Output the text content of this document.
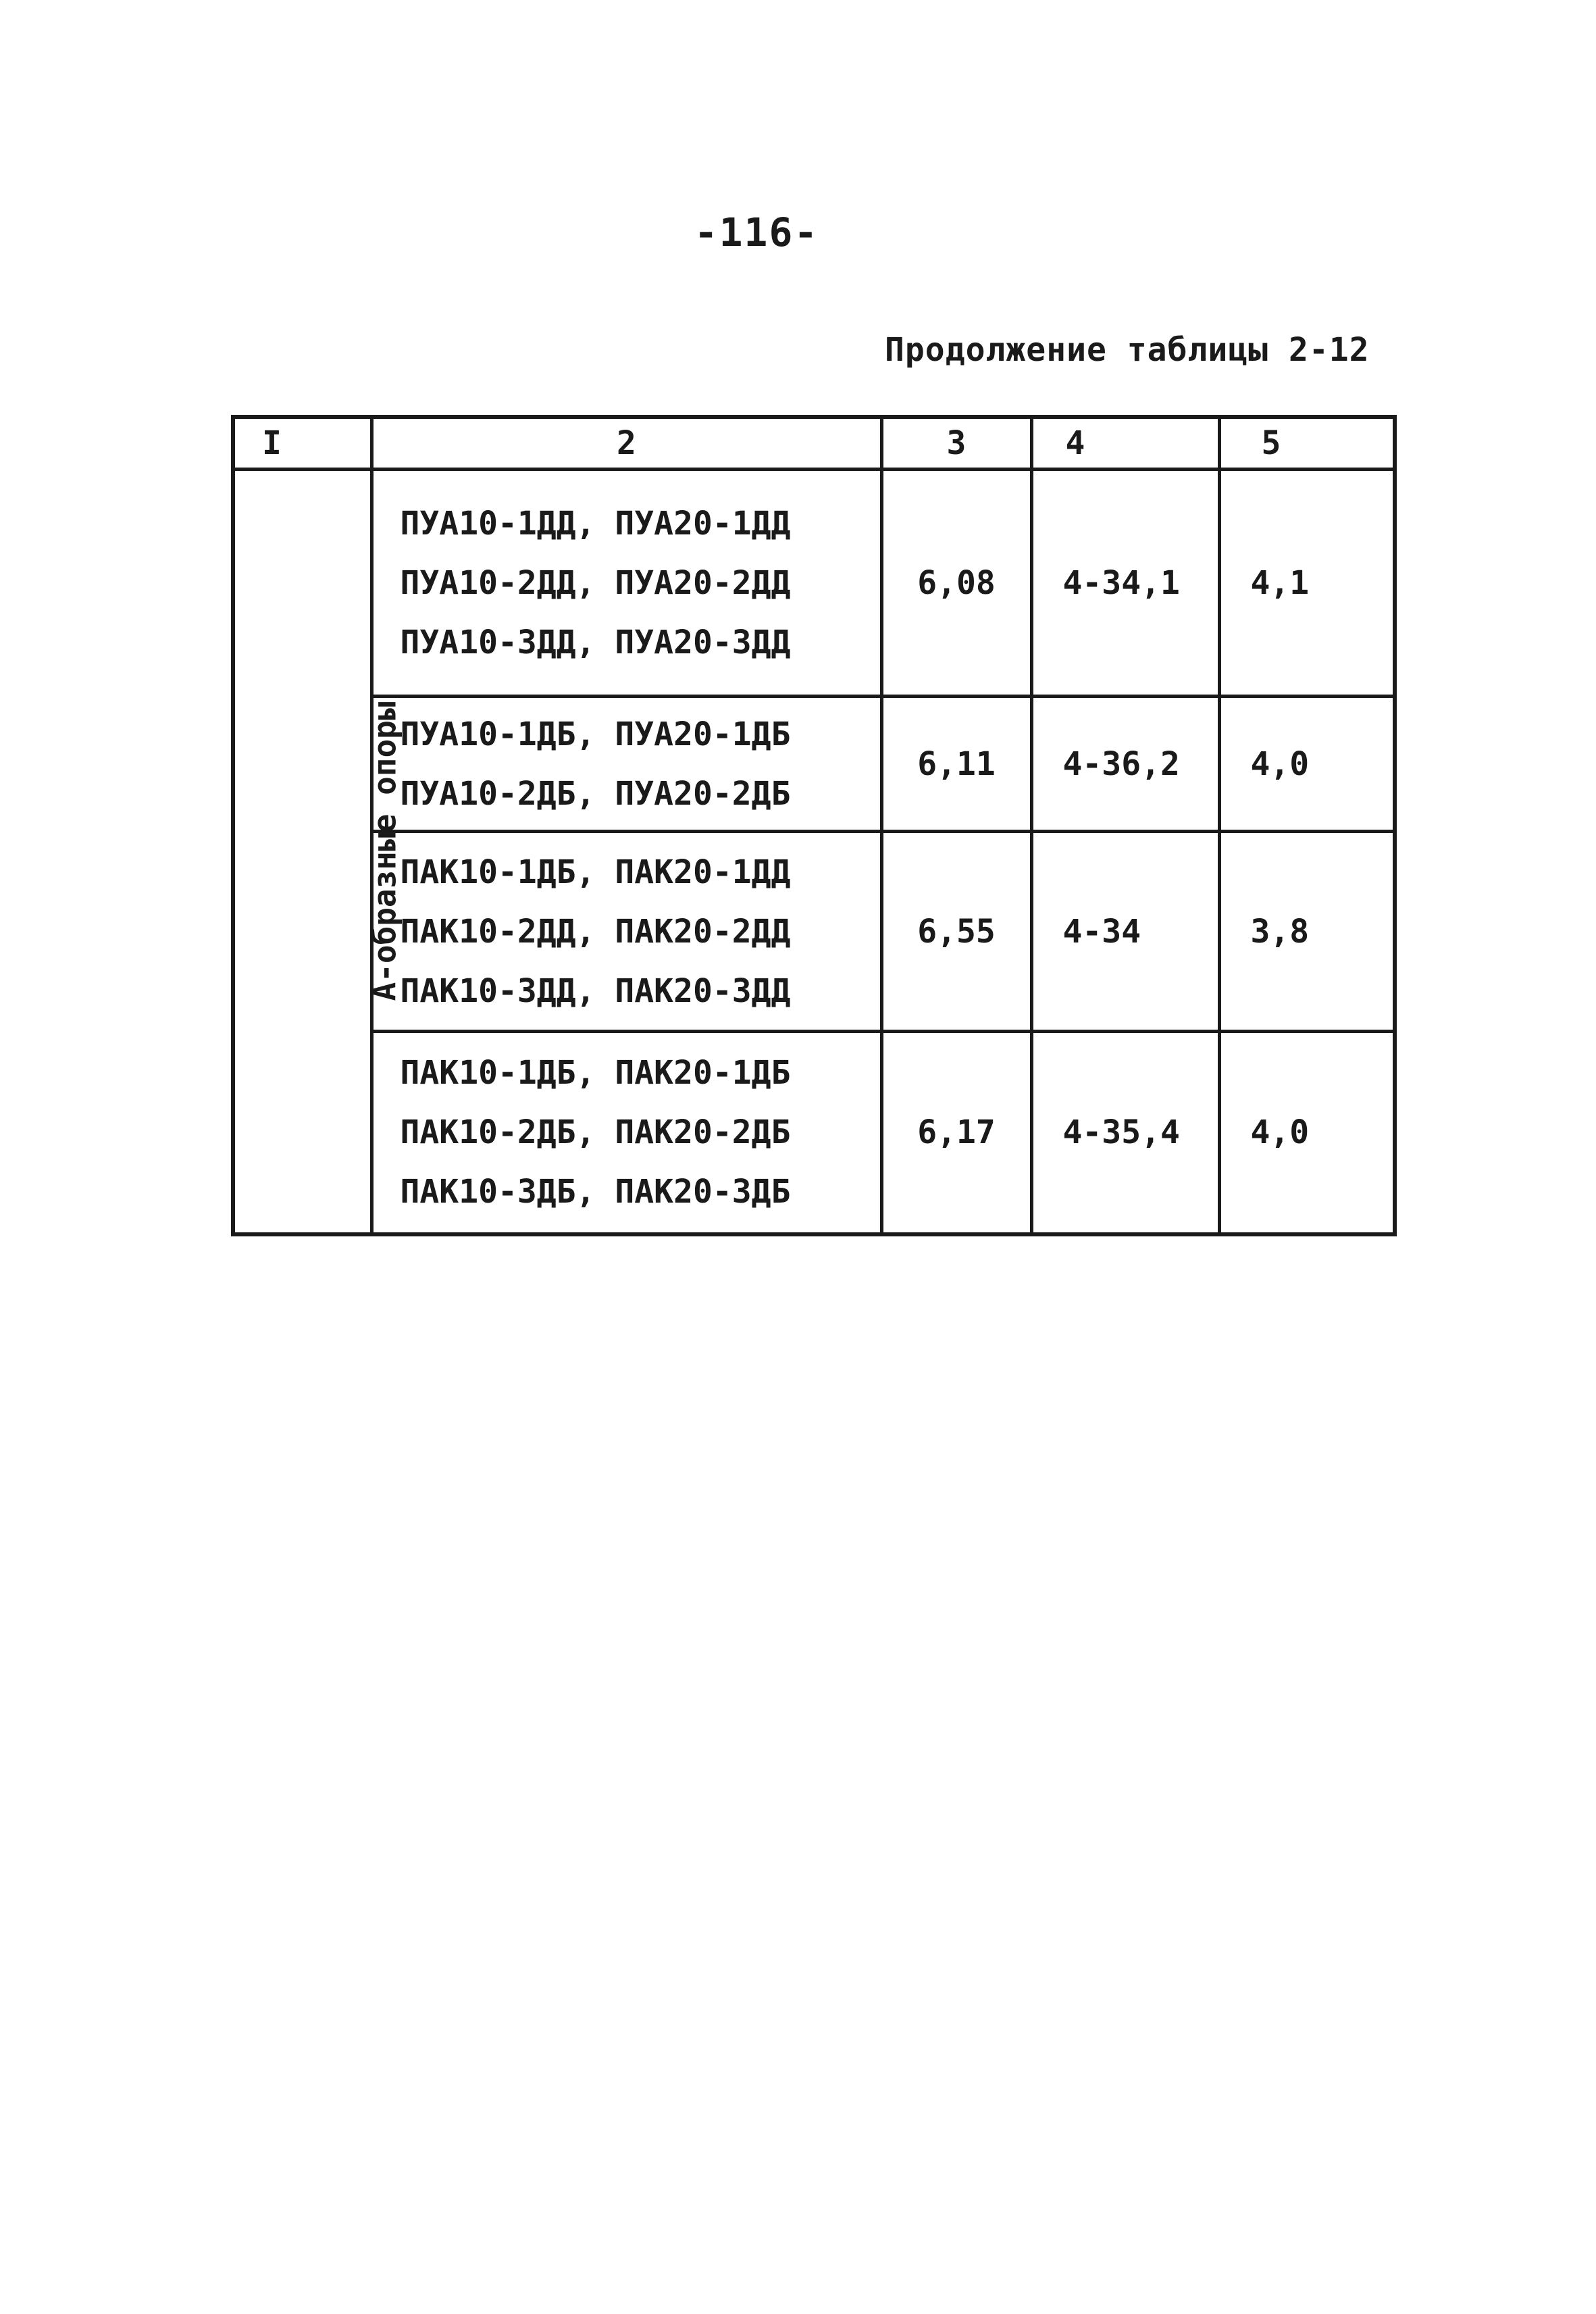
-116-
Продолжение таблицы 2-12
I	2	3	4	5
А-образные опоры	ПУА10-1ДД, ПУА20-1ДД
ПУА10-2ДД, ПУА20-2ДД
ПУА10-3ДД, ПУА20-3ДД	6,08	4-34,1	4,1

	ПУА10-1ДБ, ПУА20-1ДБ
ПУА10-2ДБ, ПУА20-2ДБ	6,11	4-36,2	4,0

	ПАК10-1ДБ, ПАК20-1ДД
ПАК10-2ДД, ПАК20-2ДД
ПАК10-3ДД, ПАК20-3ДД	6,55	4-34	3,8

	ПАК10-1ДБ, ПАК20-1ДБ
ПАК10-2ДБ, ПАК20-2ДБ
ПАК10-3ДБ, ПАК20-3ДБ	6,17	4-35,4	4,0
